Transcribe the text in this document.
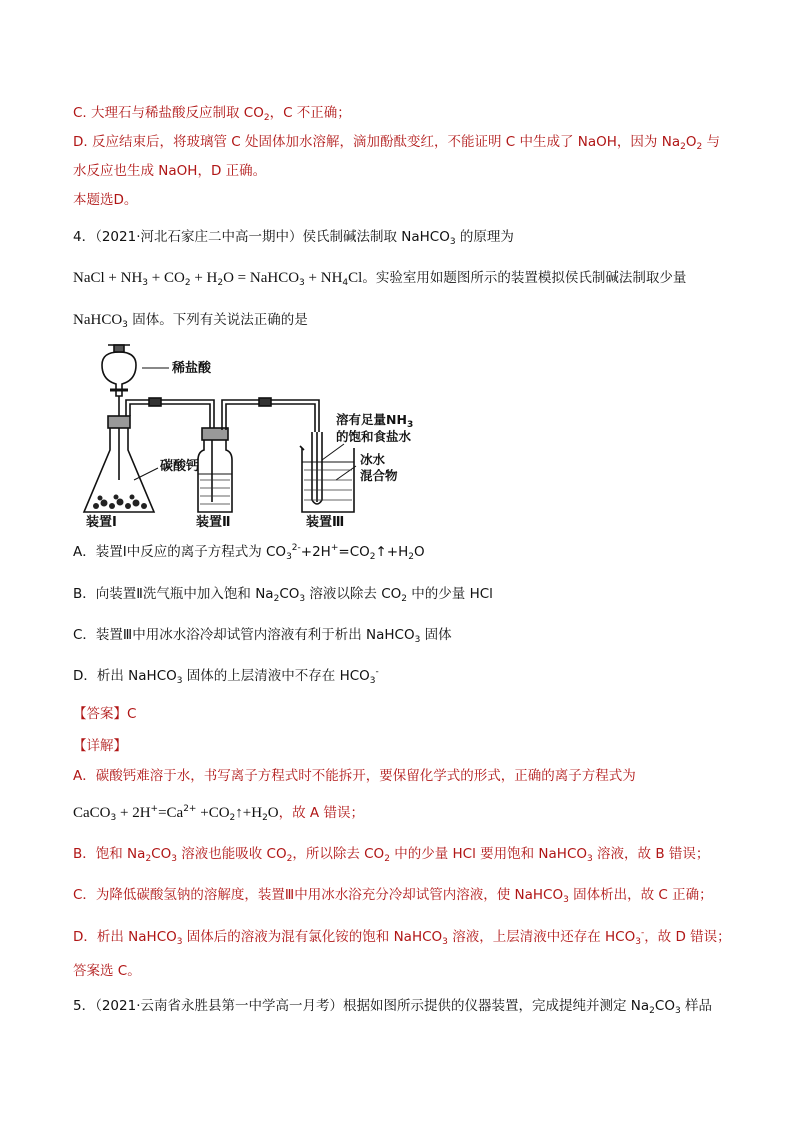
C. 大理石与稀盐酸反应制取 $CO_2$，C 不正确；
D. 反应结束后，将玻璃管 C 处固体加水溶解，滴加酚酞变红，不能证明 C 中生成了 NaOH，因为 $Na_2O_2$ 与
水反应也生成 NaOH，D 正确。
本题选D。
4．（2021·河北石家庄二中高一期中）侯氏制碱法制取 NaHCO$_3$ 的原理为
NaCl + $NH_3 + CO_2 + H_2O$ = NaHCO$_3$ + $NH_4Cl$。实验室用如题图所示的装置模拟侯氏制碱法制取少量
NaHCO$_3$ 固体。下列有关说法正确的是
稀盐酸
碳酸钙
溶有足量$NH_3$
的饱和食盐水
冰水
混合物
装置Ⅰ	装置Ⅱ	装置Ⅲ
A．装置Ⅰ中反应的离子方程式为 $CO_3^{2-}+2H^+=CO_2↑+H_2O$
B．向装置Ⅱ洗气瓶中加入饱和 $Na_2CO_3$ 溶液以除去 $CO_2$ 中的少量 HCl
C．装置Ⅲ中用冰水浴冷却试管内溶液有利于析出 NaHCO$_3$ 固体
D．析出 NaHCO$_3$ 固体的上层清液中不存在 $HCO_3^-$
【答案】C
【详解】
A．碳酸钙难溶于水，书写离子方程式时不能拆开，要保留化学式的形式，正确的离子方程式为
CaCO$_3$ + $2H^+=Ca^{2+}$ $+CO_2↑+H_2O$，故 A 错误；
B．饱和 $Na_2CO_3$ 溶液也能吸收 $CO_2$，所以除去 $CO_2$ 中的少量 HCl 要用饱和 NaHCO$_3$ 溶液，故 B 错误；
C．为降低碳酸氢钠的溶解度，装置Ⅲ中用冰水浴充分冷却试管内溶液，使 NaHCO$_3$ 固体析出，故 C 正确；
D．析出 NaHCO$_3$ 固体后的溶液为混有氯化铵的饱和 NaHCO$_3$ 溶液，上层清液中还存在 $HCO_3^-$，故 D 错误；
答案选 C。
5．（2021·云南省永胜县第一中学高一月考）根据如图所示提供的仪器装置，完成提纯并测定 $Na_2CO_3$ 样品
